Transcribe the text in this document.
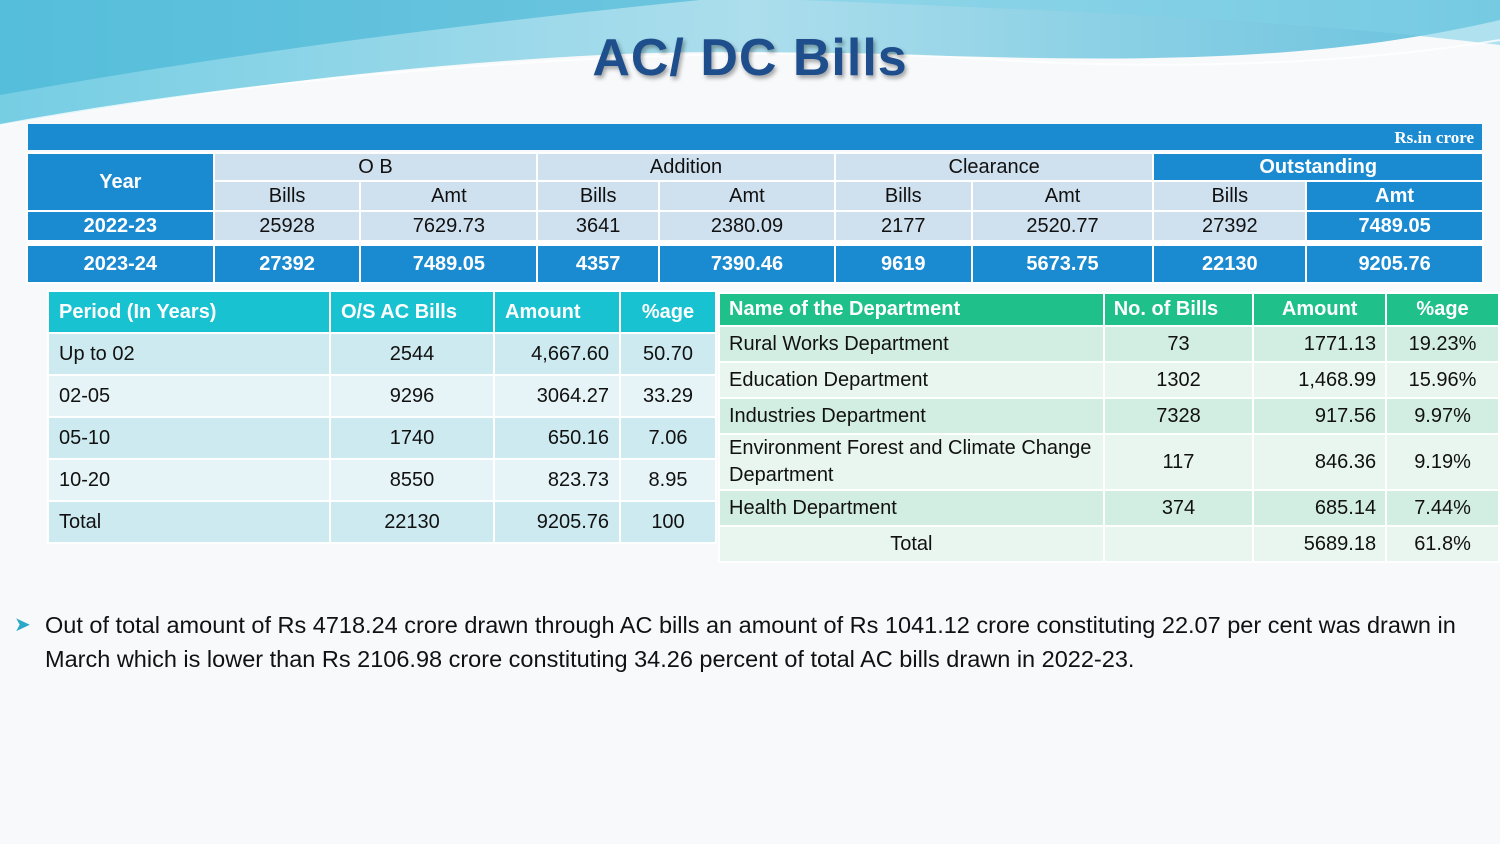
AC/ DC Bills
Rs.in crore
Year	O B		Addition		Clearance		Outstanding	
	Bills	Amt	Bills	Amt	Bills	Amt	Bills	Amt
2022-23	25928	7629.73	3641	2380.09	2177	2520.77	27392	7489.05

2023-24	27392	7489.05	4357	7390.46	9619	5673.75	22130	9205.76
Period (In Years)	O/S AC Bills	Amount	%age
Up to 02	2544	4,667.60	50.70
02-05	9296	3064.27	33.29
05-10	1740	650.16	7.06
10-20	8550	823.73	8.95
Total	22130	9205.76	100
Name of the Department	No. of Bills	Amount	%age
Rural Works Department	73	1771.13	19.23%
Education Department	1302	1,468.99	15.96%
Industries Department	7328	917.56	9.97%
Environment Forest and Climate Change Department	117	846.36	9.19%
Health Department	374	685.14	7.44%
Total		5689.18	61.8%
➤ Out of total amount of Rs 4718.24 crore drawn through AC bills an amount of Rs 1041.12 crore constituting 22.07 per cent was drawn in March which is lower than Rs 2106.98 crore constituting 34.26 percent of total AC bills drawn in 2022-23.
